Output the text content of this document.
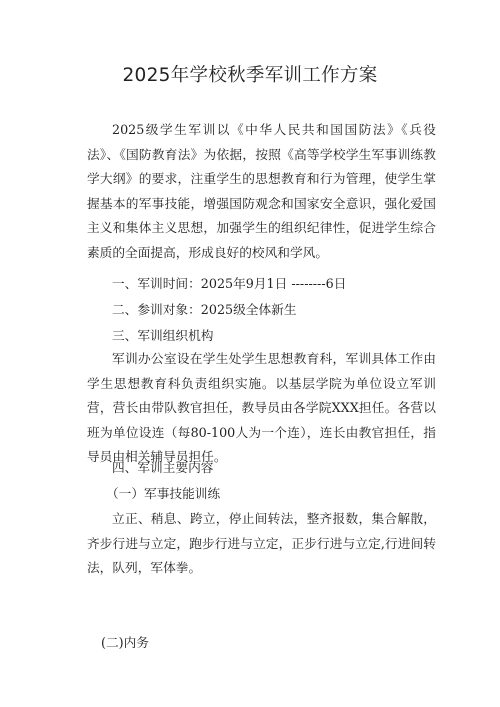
2025年学校秋季军训工作方案

2025级学生军训以《中华人民共和国国防法》《兵役法》、《国防教育法》为依据，按照《高等学校学生军事训练教学大纲》的要求，注重学生的思想教育和行为管理，使学生掌握基本的军事技能，增强国防观念和国家安全意识，强化爱国主义和集体主义思想，加强学生的组织纪律性，促进学生综合素质的全面提高，形成良好的校风和学风。

一、军训时间：2025年9月1日 --------6日
二、参训对象：2025级全体新生
三、军训组织机构

军训办公室设在学生处学生思想教育科，军训具体工作由学生思想教育科负责组织实施。以基层学院为单位设立军训营，营长由带队教官担任，教导员由各学院XXX担任。各营以班为单位设连（每80-100人为一个连），连长由教官担任，指导员由相关辅导员担任。

四、军训主要内容
（一）军事技能训练

立正、稍息、跨立，停止间转法，整齐报数，集合解散，齐步行进与立定，跑步行进与立定，正步行进与立定,行进间转法，队列，军体拳。

(二)内务
